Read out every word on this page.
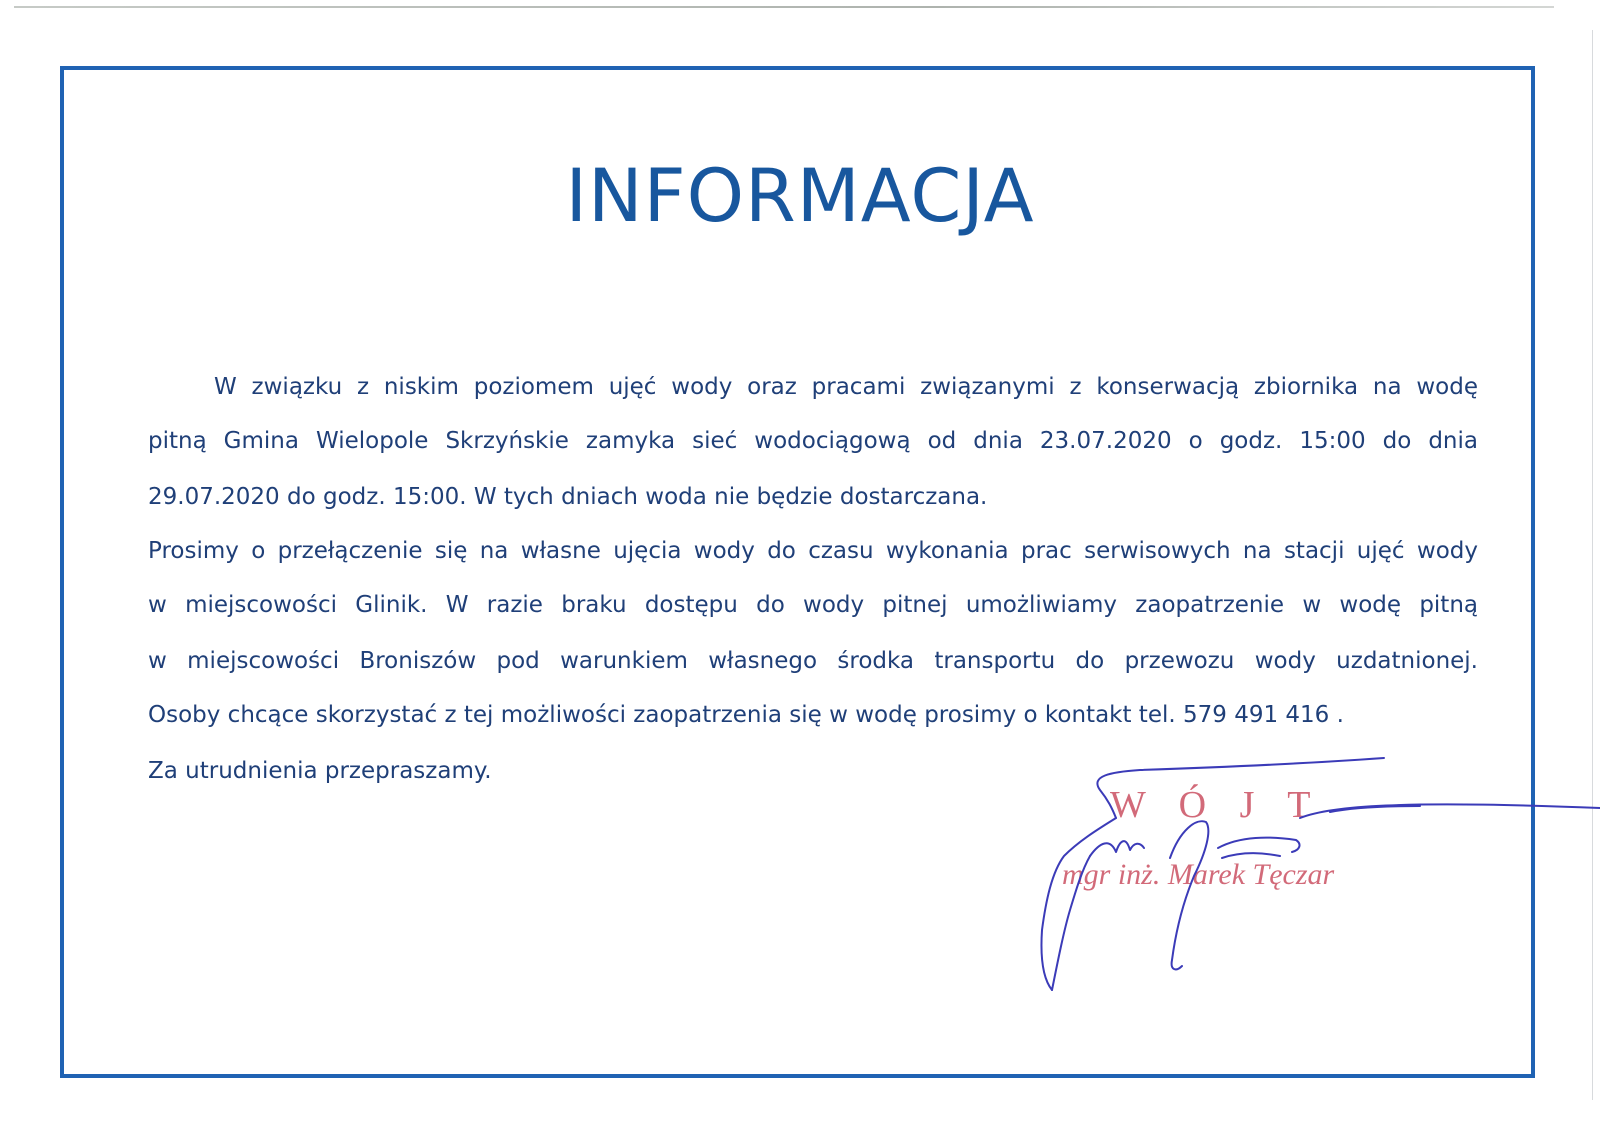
INFORMACJA
W związku z niskim poziomem ujęć wody oraz pracami związanymi z konserwacją zbiornika na wodę
pitną Gmina Wielopole Skrzyńskie zamyka sieć wodociągową od dnia 23.07.2020 o godz. 15:00 do dnia
29.07.2020 do godz. 15:00. W tych dniach woda nie będzie dostarczana.
Prosimy o przełączenie się na własne ujęcia wody do czasu wykonania prac serwisowych na stacji ujęć wody
w miejscowości Glinik. W razie braku dostępu do wody pitnej umożliwiamy zaopatrzenie w wodę pitną
w miejscowości Broniszów pod warunkiem własnego środka transportu do przewozu wody uzdatnionej.
Osoby chcące skorzystać z tej możliwości zaopatrzenia się w wodę prosimy o kontakt tel. 579 491 416 .
Za utrudnienia przepraszamy.
W Ó J T
mgr inż. Marek Tęczar
